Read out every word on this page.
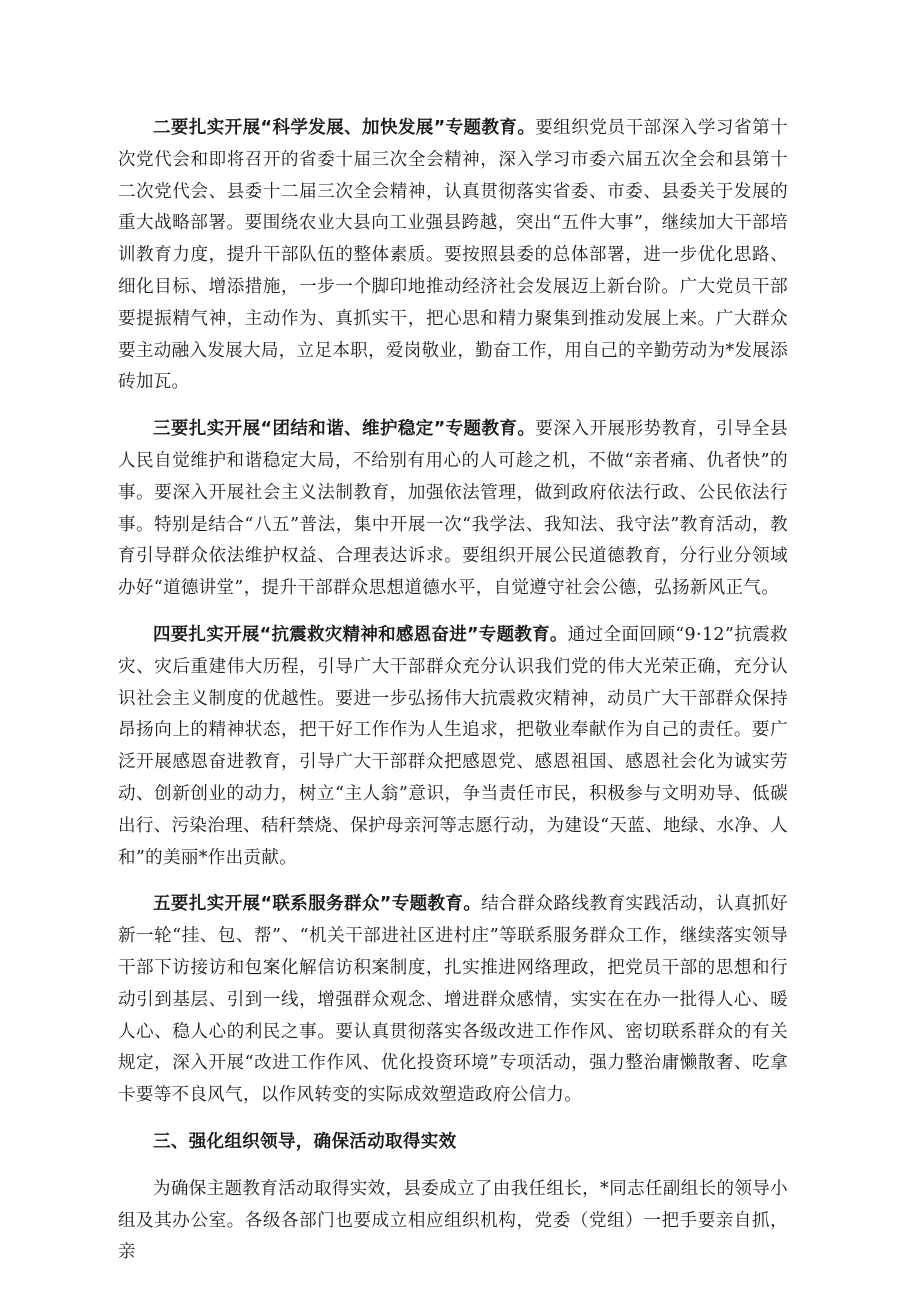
二要扎实开展“科学发展、加快发展”专题教育。要组织党员干部深入学习省第十次党代会和即将召开的省委十届三次全会精神，深入学习市委六届五次全会和县第十二次党代会、县委十二届三次全会精神，认真贯彻落实省委、市委、县委关于发展的重大战略部署。要围绕农业大县向工业强县跨越，突出“五件大事”，继续加大干部培训教育力度，提升干部队伍的整体素质。要按照县委的总体部署，进一步优化思路、细化目标、增添措施，一步一个脚印地推动经济社会发展迈上新台阶。广大党员干部要提振精气神，主动作为、真抓实干，把心思和精力聚集到推动发展上来。广大群众要主动融入发展大局，立足本职，爱岗敬业，勤奋工作，用自己的辛勤劳动为*发展添砖加瓦。

三要扎实开展“团结和谐、维护稳定”专题教育。要深入开展形势教育，引导全县人民自觉维护和谐稳定大局，不给别有用心的人可趁之机，不做“亲者痛、仇者快”的事。要深入开展社会主义法制教育，加强依法管理，做到政府依法行政、公民依法行事。特别是结合“八五”普法，集中开展一次“我学法、我知法、我守法”教育活动，教育引导群众依法维护权益、合理表达诉求。要组织开展公民道德教育，分行业分领域办好“道德讲堂”，提升干部群众思想道德水平，自觉遵守社会公德，弘扬新风正气。

四要扎实开展“抗震救灾精神和感恩奋进”专题教育。通过全面回顾“9·12”抗震救灾、灾后重建伟大历程，引导广大干部群众充分认识我们党的伟大光荣正确，充分认识社会主义制度的优越性。要进一步弘扬伟大抗震救灾精神，动员广大干部群众保持昂扬向上的精神状态，把干好工作作为人生追求，把敬业奉献作为自己的责任。要广泛开展感恩奋进教育，引导广大干部群众把感恩党、感恩祖国、感恩社会化为诚实劳动、创新创业的动力，树立“主人翁”意识，争当责任市民，积极参与文明劝导、低碳出行、污染治理、秸秆禁烧、保护母亲河等志愿行动，为建设“天蓝、地绿、水净、人和”的美丽*作出贡献。

五要扎实开展“联系服务群众”专题教育。结合群众路线教育实践活动，认真抓好新一轮“挂、包、帮”、“机关干部进社区进村庄”等联系服务群众工作，继续落实领导干部下访接访和包案化解信访积案制度，扎实推进网络理政，把党员干部的思想和行动引到基层、引到一线，增强群众观念、增进群众感情，实实在在办一批得人心、暖人心、稳人心的利民之事。要认真贯彻落实各级改进工作作风、密切联系群众的有关规定，深入开展“改进工作作风、优化投资环境”专项活动，强力整治庸懒散奢、吃拿卡要等不良风气，以作风转变的实际成效塑造政府公信力。

三、强化组织领导，确保活动取得实效

为确保主题教育活动取得实效，县委成立了由我任组长，*同志任副组长的领导小组及其办公室。各级各部门也要成立相应组织机构，党委（党组）一把手要亲自抓，亲
